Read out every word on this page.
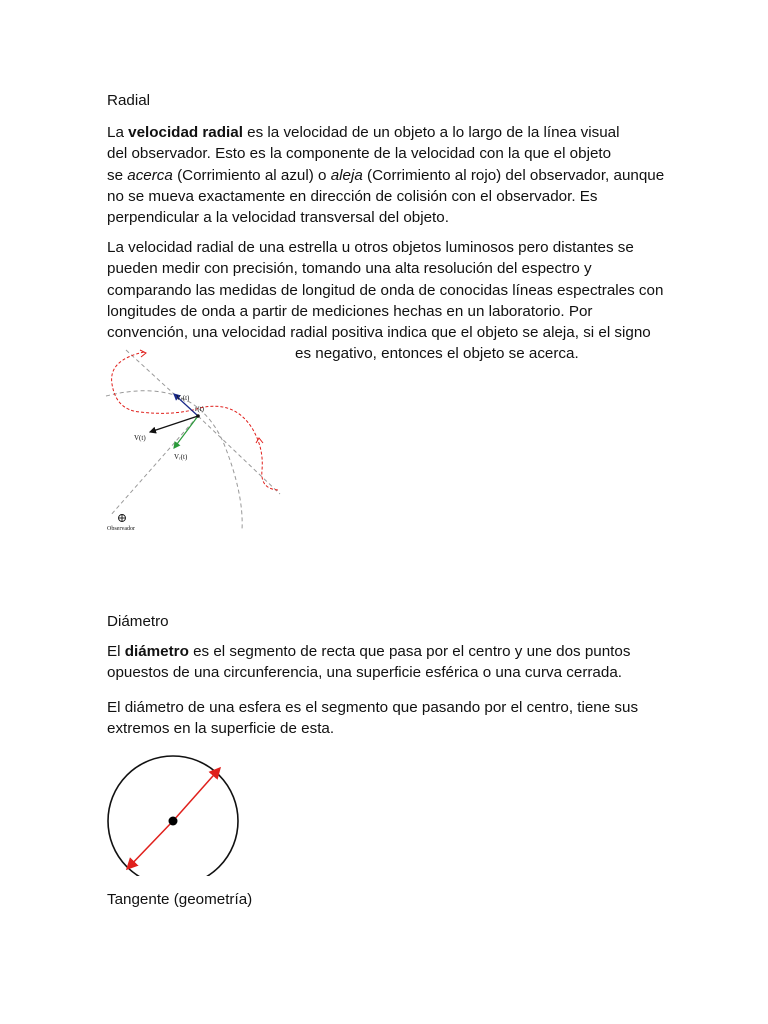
Radial

La velocidad radial es la velocidad de un objeto a lo largo de la línea visual
del observador. Esto es la componente de la velocidad con la que el objeto
se acerca (Corrimiento al azul) o aleja (Corrimiento al rojo) del observador, aunque
no se mueva exactamente en dirección de colisión con el observador. Es
perpendicular a la velocidad transversal del objeto.

La velocidad radial de una estrella u otros objetos luminosos pero distantes se
pueden medir con precisión, tomando una alta resolución del espectro y
comparando las medidas de longitud de onda de conocidas líneas espectrales con
longitudes de onda a partir de mediciones hechas en un laboratorio. Por
convención, una velocidad radial positiva indica que el objeto se aleja, si el signo
es negativo, entonces el objeto se acerca.

Vₜ(t)
r(t)
V(t)
Vᵣ(t)
Observador
Diámetro

El diámetro es el segmento de recta que pasa por el centro y une dos puntos
opuestos de una circunferencia, una superficie esférica o una curva cerrada.

El diámetro de una esfera es el segmento que pasando por el centro, tiene sus
extremos en la superficie de esta.

Tangente (geometría)
